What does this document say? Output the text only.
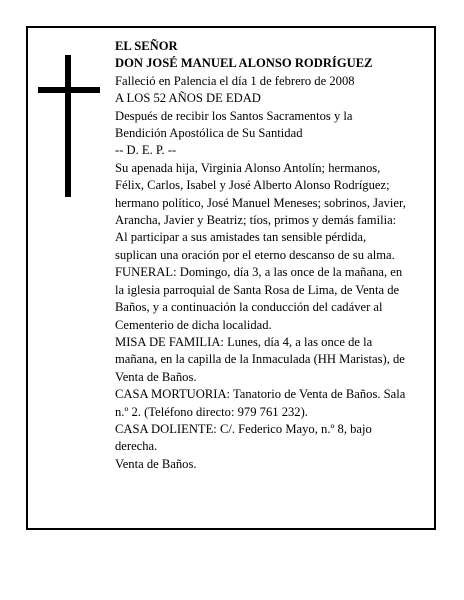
EL SEÑOR

DON JOSÉ MANUEL ALONSO RODRÍGUEZ

Falleció en Palencia el día 1 de febrero de 2008

A LOS 52 AÑOS DE EDAD

Después de recibir los Santos Sacramentos y la Bendición Apostólica de Su Santidad

-- D. E. P. --

Su apenada hija, Virginia Alonso Antolín; hermanos, Félix, Carlos, Isabel y José Alberto Alonso Rodríguez; hermano político, José Manuel Meneses; sobrinos, Javier, Arancha, Javier y Beatriz; tíos, primos y demás familia:

Al participar a sus amistades tan sensible pérdida, suplican una oración por el eterno descanso de su alma.

FUNERAL: Domingo, día 3, a las once de la mañana, en la iglesia parroquial de Santa Rosa de Lima, de Venta de Baños, y a continuación la conducción del cadáver al Cementerio de dicha localidad.

MISA DE FAMILIA: Lunes, día 4, a las once de la mañana, en la capilla de la Inmaculada (HH Maristas), de Venta de Baños.

CASA MORTUORIA: Tanatorio de Venta de Baños. Sala n.º 2. (Teléfono directo: 979 761 232).

CASA DOLIENTE: C/. Federico Mayo, n.º 8, bajo derecha.

Venta de Baños.
